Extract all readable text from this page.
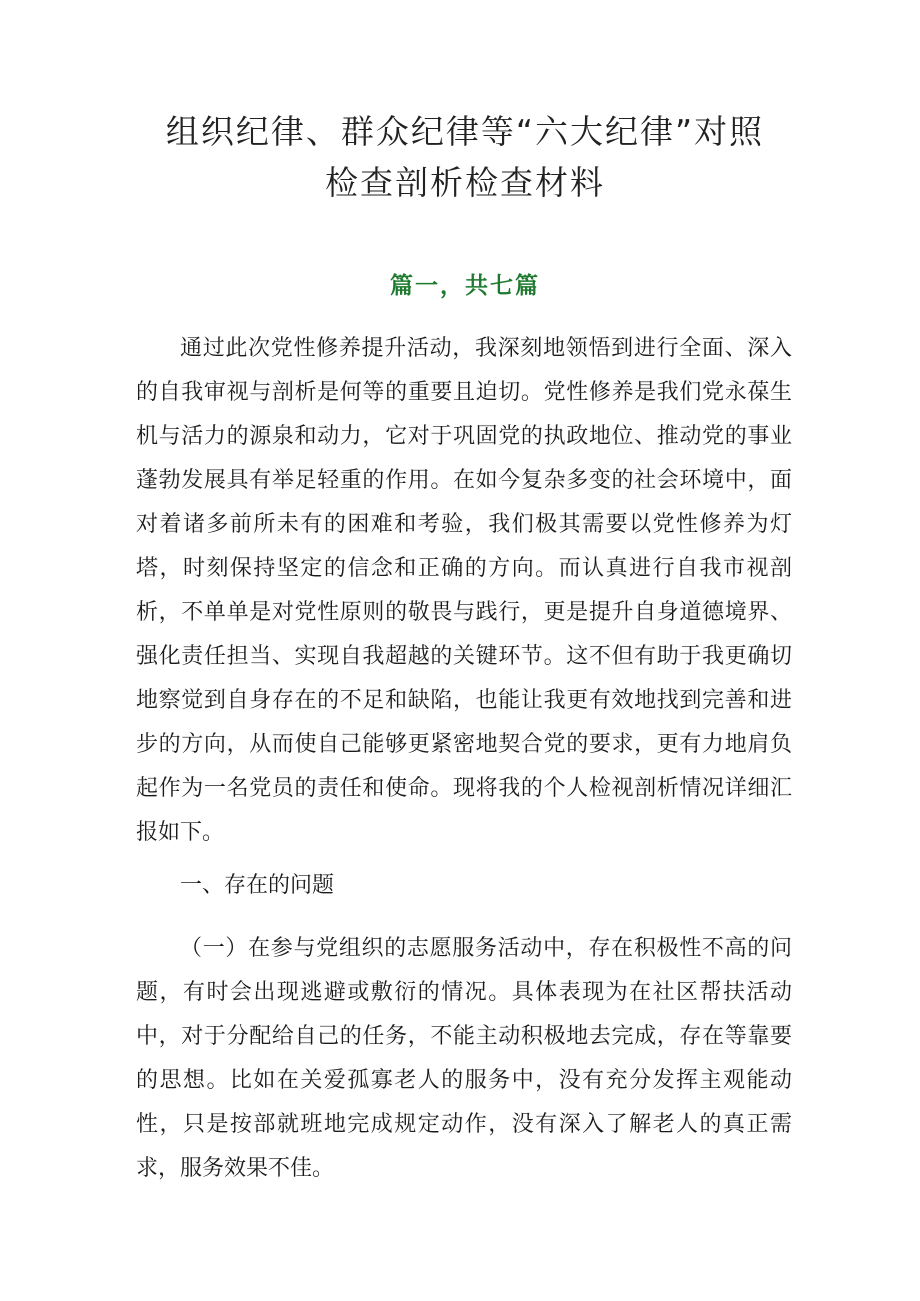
组织纪律、群众纪律等“六大纪律”对照
检查剖析检查材料
篇一，共七篇

通过此次党性修养提升活动，我深刻地领悟到进行全面、深入的自我审视与剖析是何等的重要且迫切。党性修养是我们党永葆生机与活力的源泉和动力，它对于巩固党的执政地位、推动党的事业蓬勃发展具有举足轻重的作用。在如今复杂多变的社会环境中，面对着诸多前所未有的困难和考验，我们极其需要以党性修养为灯塔，时刻保持坚定的信念和正确的方向。而认真进行自我市视剖析，不单单是对党性原则的敬畏与践行，更是提升自身道德境界、强化责任担当、实现自我超越的关键环节。这不但有助于我更确切地察觉到自身存在的不足和缺陷，也能让我更有效地找到完善和进步的方向，从而使自己能够更紧密地契合党的要求，更有力地肩负起作为一名党员的责任和使命。现将我的个人检视剖析情况详细汇报如下。

一、存在的问题

（一）在参与党组织的志愿服务活动中，存在积极性不高的问题，有时会出现逃避或敷衍的情况。具体表现为在社区帮扶活动中，对于分配给自己的任务，不能主动积极地去完成，存在等靠要的思想。比如在关爱孤寡老人的服务中，没有充分发挥主观能动性，只是按部就班地完成规定动作，没有深入了解老人的真正需求，服务效果不佳。
